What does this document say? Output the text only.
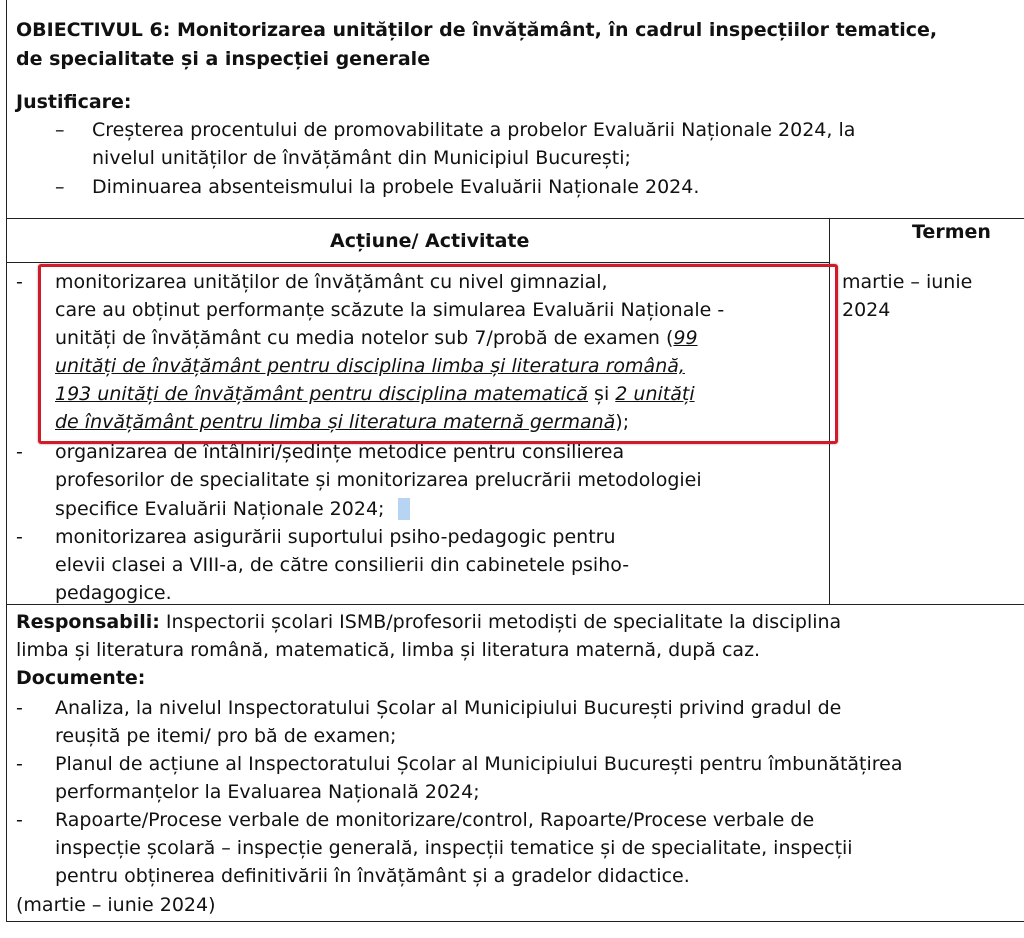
OBIECTIVUL 6: Monitorizarea unităților de învățământ, în cadrul inspecțiilor tematice,
de specialitate și a inspecției generale
Justificare:
– Creșterea procentului de promovabilitate a probelor Evaluării Naționale 2024, la
nivelul unităților de învățământ din Municipiul București;
– Diminuarea absenteismului la probele Evaluării Naționale 2024.
Acțiune/ Activitate	Termen
martie – iunie
2024
- monitorizarea unităților de învățământ cu nivel gimnazial,
care au obținut performanțe scăzute la simularea Evaluării Naționale -
unități de învățământ cu media notelor sub 7/probă de examen (99
unități de învățământ pentru disciplina limba și literatura română,
193 unități de învățământ pentru disciplina matematică și 2 unități
de învățământ pentru limba și literatura maternă germană);
- organizarea de întâlniri/ședințe metodice pentru consilierea
profesorilor de specialitate și monitorizarea prelucrării metodologiei
specifice Evaluării Naționale 2024;
- monitorizarea asigurării suportului psiho-pedagogic pentru
elevii clasei a VIII-a, de către consilierii din cabinetele psiho-
pedagogice.
Responsabili: Inspectorii școlari ISMB/profesorii metodiști de specialitate la disciplina
limba și literatura română, matematică, limba și literatura maternă, după caz.
Documente:
- Analiza, la nivelul Inspectoratului Școlar al Municipiului București privind gradul de
reușită pe itemi/ pro bă de examen;
- Planul de acțiune al Inspectoratului Școlar al Municipiului București pentru îmbunătățirea
performanțelor la Evaluarea Națională 2024;
- Rapoarte/Procese verbale de monitorizare/control, Rapoarte/Procese verbale de
inspecție școlară – inspecție generală, inspecții tematice și de specialitate, inspecții
pentru obținerea definitivării în învățământ și a gradelor didactice.
(martie – iunie 2024)
